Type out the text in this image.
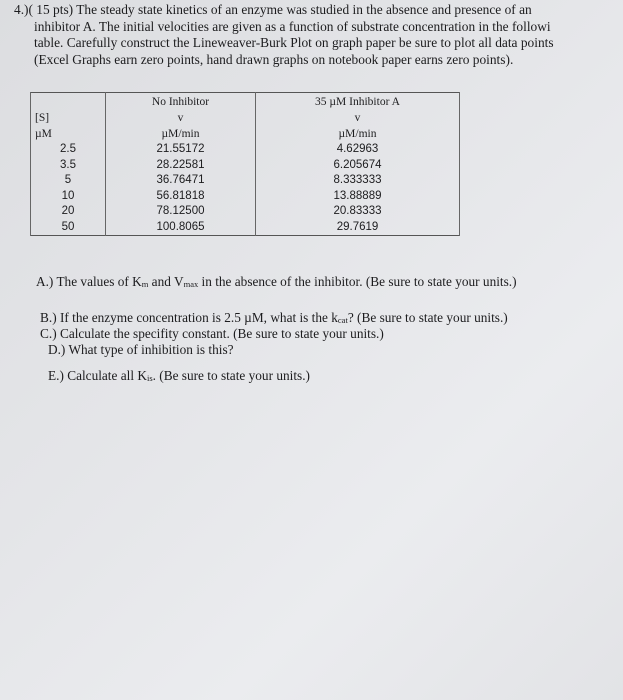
4.)( 15 pts) The steady state kinetics of an enzyme was studied in the absence and presence of an
inhibitor A. The initial velocities are given as a function of substrate concentration in the followi
table. Carefully construct the Lineweaver-Burk Plot on graph paper be sure to plot all data points
(Excel Graphs earn zero points, hand drawn graphs on notebook paper earns zero points).
	No Inhibitor	35 µM Inhibitor A
[S]	v	v
µM	µM/min	µM/min
2.5	21.55172	4.62963
3.5	28.22581	6.205674
5	36.76471	8.333333
10	56.81818	13.88889
20	78.12500	20.83333
50	100.8065	29.7619
A.) The values of $K_m$ and $V_{max}$ in the absence of the inhibitor. (Be sure to state your units.)
B.) If the enzyme concentration is 2.5 µM, what is the $k_{cat}$? (Be sure to state your units.)
C.) Calculate the specifity constant. (Be sure to state your units.)
D.) What type of inhibition is this?
E.) Calculate all $K_{is}$. (Be sure to state your units.)
